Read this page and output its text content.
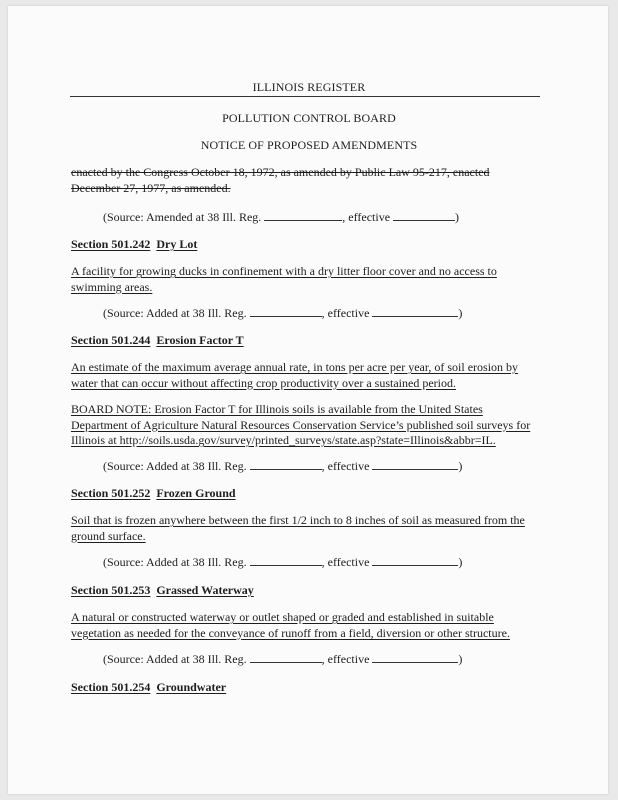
ILLINOIS REGISTER
POLLUTION CONTROL BOARD
NOTICE OF PROPOSED AMENDMENTS
enacted by the Congress October 18, 1972, as amended by Public Law 95-217, enacted December 27, 1977, as amended.
(Source: Amended at 38 Ill. Reg.	, effective	)
Section 501.242 Dry Lot
A facility for growing ducks in confinement with a dry litter floor cover and no access to swimming areas.
(Source: Added at 38 Ill. Reg.	, effective	)
Section 501.244 Erosion Factor T
An estimate of the maximum average annual rate, in tons per acre per year, of soil erosion by water that can occur without affecting crop productivity over a sustained period.
BOARD NOTE: Erosion Factor T for Illinois soils is available from the United States Department of Agriculture Natural Resources Conservation Service’s published soil surveys for Illinois at http://soils.usda.gov/survey/printed_surveys/state.asp?state=Illinois&abbr=IL.
(Source: Added at 38 Ill. Reg.	, effective	)
Section 501.252 Frozen Ground
Soil that is frozen anywhere between the first 1/2 inch to 8 inches of soil as measured from the ground surface.
(Source: Added at 38 Ill. Reg.	, effective	)
Section 501.253 Grassed Waterway
A natural or constructed waterway or outlet shaped or graded and established in suitable vegetation as needed for the conveyance of runoff from a field, diversion or other structure.
(Source: Added at 38 Ill. Reg.	, effective	)
Section 501.254 Groundwater
